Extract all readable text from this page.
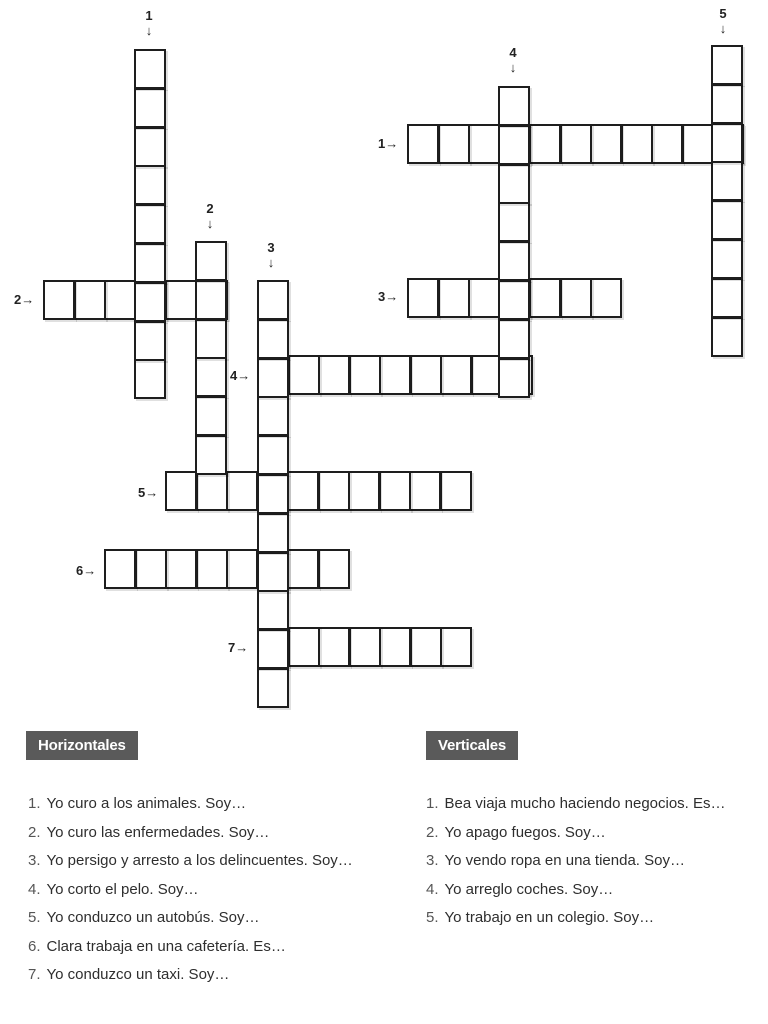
1
↓
2
↓
3
↓
4
↓
5
↓
1→
2→	3→
4→
5→
6→
7→
Horizontales
1. Yo curo a los animales. Soy…
2. Yo curo las enfermedades. Soy…
3. Yo persigo y arresto a los delincuentes. Soy…
4. Yo corto el pelo. Soy…
5. Yo conduzco un autobús. Soy…
6. Clara trabaja en una cafetería. Es…
7. Yo conduzco un taxi. Soy…
Verticales
1. Bea viaja mucho haciendo negocios. Es…
2. Yo apago fuegos. Soy…
3. Yo vendo ropa en una tienda. Soy…
4. Yo arreglo coches. Soy…
5. Yo trabajo en un colegio. Soy…
